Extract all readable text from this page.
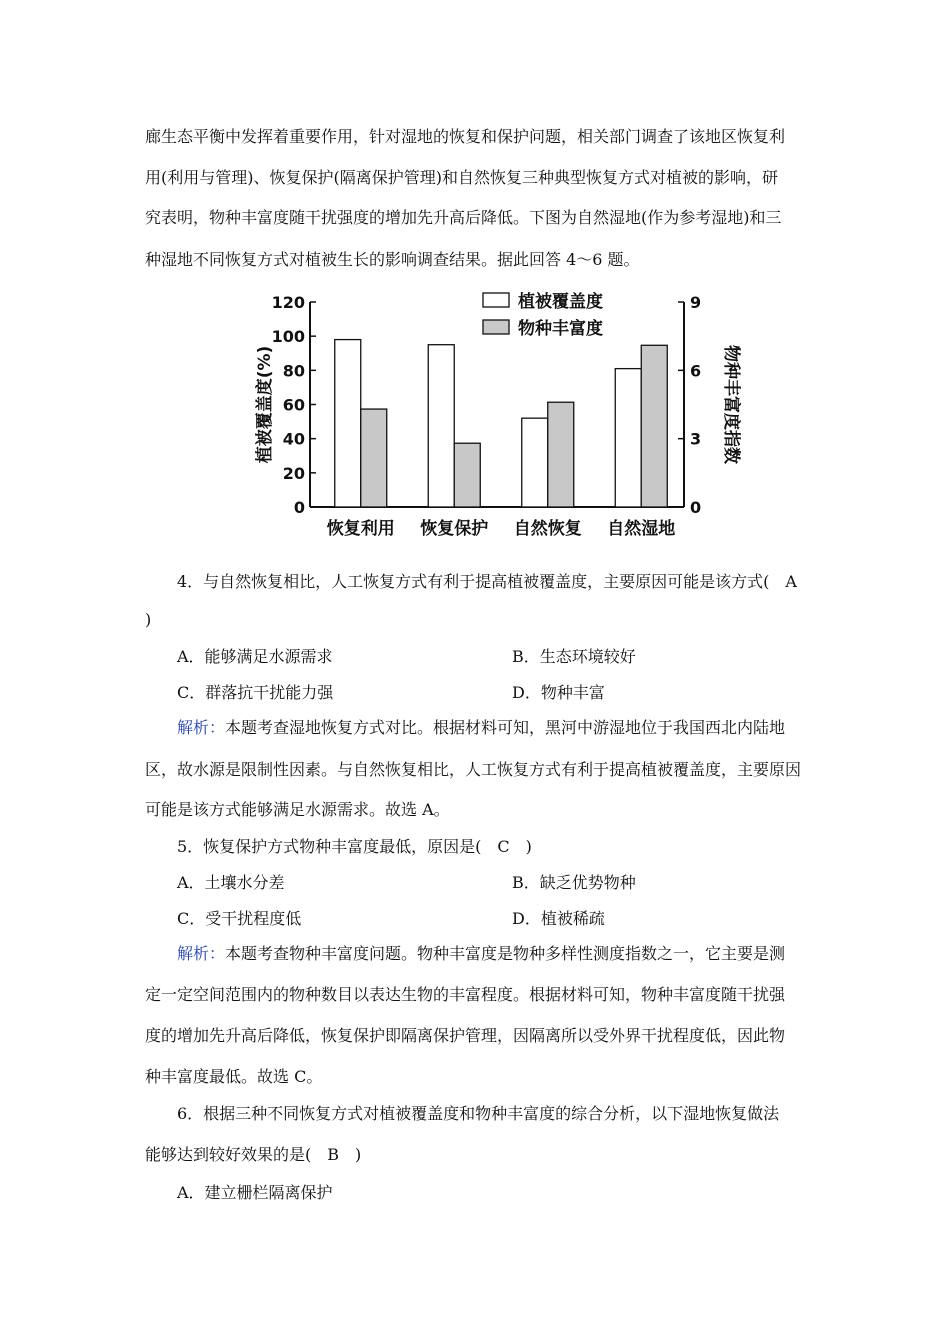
廊生态平衡中发挥着重要作用，针对湿地的恢复和保护问题，相关部门调查了该地区恢复利
用(利用与管理)、恢复保护(隔离保护管理)和自然恢复三种典型恢复方式对植被的影响，研
究表明，物种丰富度随干扰强度的增加先升高后降低。下图为自然湿地(作为参考湿地)和三
种湿地不同恢复方式对植被生长的影响调查结果。据此回答 4～6 题。
0
20
40
60
80
100
120
0
3
6
9
恢复利用 恢复保护 自然恢复 自然湿地
植被覆盖度(%)	物种丰富度指数
植被覆盖度
物种丰富度
4．与自然恢复相比，人工恢复方式有利于提高植被覆盖度，主要原因可能是该方式(　A
)
A．能够满足水源需求	B．生态环境较好
C．群落抗干扰能力强	D．物种丰富
解析：本题考查湿地恢复方式对比。根据材料可知，黑河中游湿地位于我国西北内陆地
区，故水源是限制性因素。与自然恢复相比，人工恢复方式有利于提高植被覆盖度，主要原因
可能是该方式能够满足水源需求。故选 A。
5．恢复保护方式物种丰富度最低，原因是(　C　)
A．土壤水分差	B．缺乏优势物种
C．受干扰程度低	D．植被稀疏
解析：本题考查物种丰富度问题。物种丰富度是物种多样性测度指数之一，它主要是测
定一定空间范围内的物种数目以表达生物的丰富程度。根据材料可知，物种丰富度随干扰强
度的增加先升高后降低，恢复保护即隔离保护管理，因隔离所以受外界干扰程度低，因此物
种丰富度最低。故选 C。
6．根据三种不同恢复方式对植被覆盖度和物种丰富度的综合分析，以下湿地恢复做法
能够达到较好效果的是(　B　)
A．建立栅栏隔离保护
